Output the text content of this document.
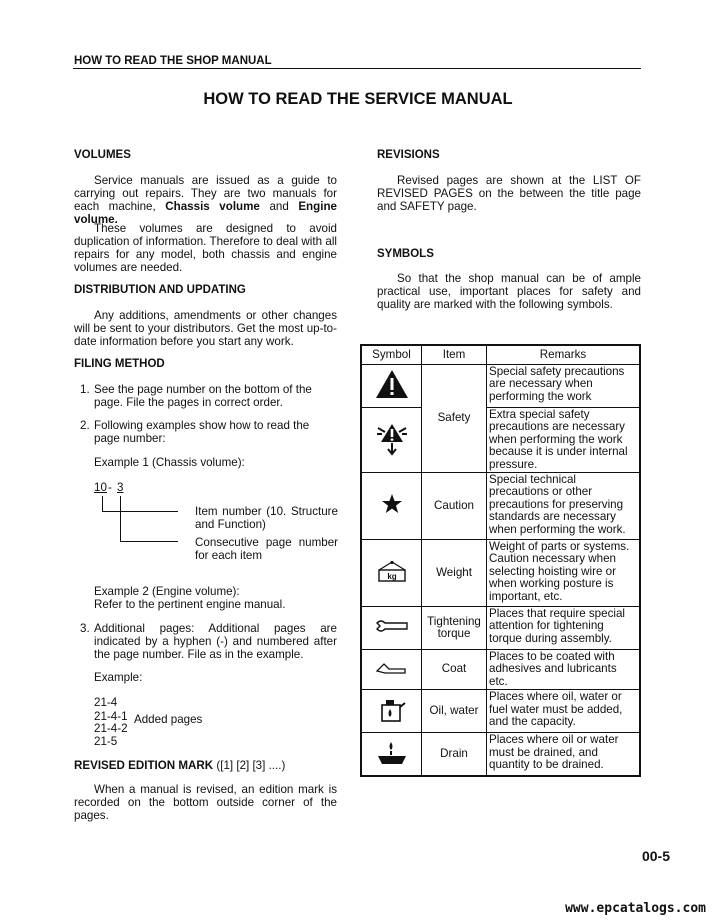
HOW TO READ THE SHOP MANUAL
HOW TO READ THE SERVICE MANUAL
VOLUMES
Service manuals are issued as a guide to carrying out repairs. They are two manuals for each machine, Chassis volume and Engine volume.
These volumes are designed to avoid duplication of information. Therefore to deal with all repairs for any model, both chassis and engine volumes are needed.
DISTRIBUTION AND UPDATING
Any additions, amendments or other changes will be sent to your distributors. Get the most up-to-date information before you start any work.
FILING METHOD
1. See the page number on the bottom of the page. File the pages in correct order.
2. Following examples show how to read the page number:
Example 1 (Chassis volume):
10 - 3
Item number (10. Structure and Function)
Consecutive page number for each item
Example 2 (Engine volume):
Refer to the pertinent engine manual.
3. Additional pages: Additional pages are indicated by a hyphen (-) and numbered after the page number. File as in the example.
Example:
21-4
21-4-1
21-4-2
21-5
Added pages
REVISED EDITION MARK ([1] [2] [3] ....)
When a manual is revised, an edition mark is recorded on the bottom outside corner of the pages.
REVISIONS
Revised pages are shown at the LIST OF REVISED PAGES on the between the title page and SAFETY page.
SYMBOLS
So that the shop manual can be of ample practical use, important places for safety and quality are marked with the following symbols.
Symbol	Item	Remarks
	Safety	Special safety precautions are necessary when performing the work
	Extra special safety precautions are necessary when performing the work because it is under internal pressure.
	Caution	Special technical precautions or other precautions for preserving standards are necessary when performing the work.

kg	Weight	Weight of parts or systems. Caution necessary when selecting hoisting wire or when working posture is important, etc.
	Tightening torque	Places that require special attention for tightening torque during assembly.
	Coat	Places to be coated with adhesives and lubricants etc.
	Oil, water	Places where oil, water or fuel water must be added, and the capacity.
	Drain	Places where oil or water must be drained, and quantity to be drained.
00-5
www.epcatalogs.com
